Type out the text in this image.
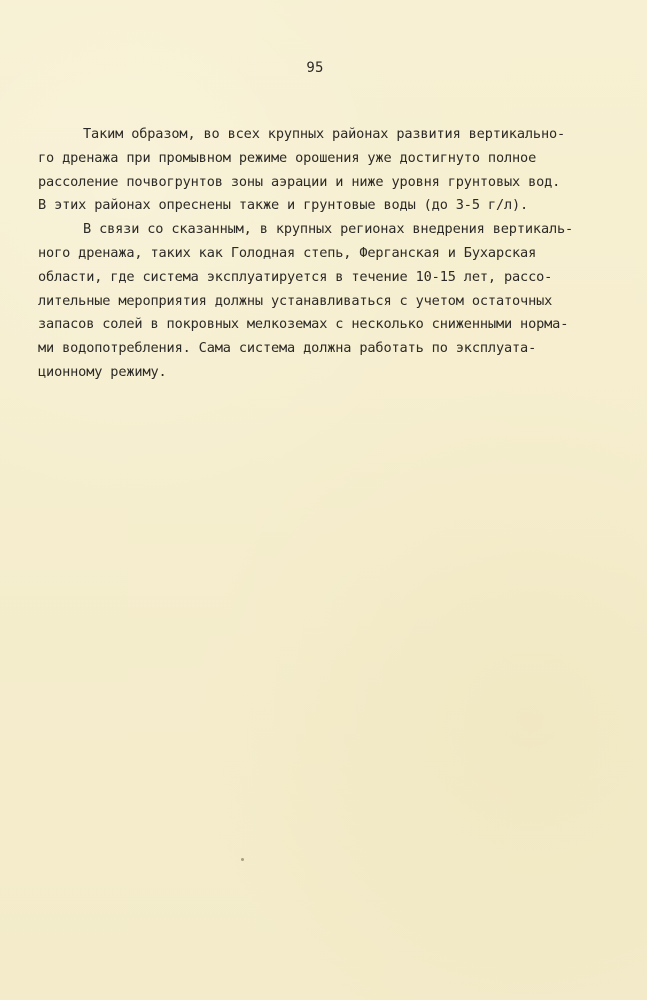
95
Таким образом, во всех крупных районах развития вертикально-
го дренажа при промывном режиме орошения уже достигнуто полное
рассоление почвогрунтов зоны аэрации и ниже уровня грунтовых вод.
В этих районах опреснены также и грунтовые воды (до 3-5 г/л).
В связи со сказанным, в крупных регионах внедрения вертикаль-
ного дренажа, таких как Голодная степь, Ферганская и Бухарская
области, где система эксплуатируется в течение 10-15 лет, рассо-
лительные мероприятия должны устанавливаться с учетом остаточных
запасов солей в покровных мелкоземах с несколько сниженными норма-
ми водопотребления. Сама система должна работать по эксплуата-
ционному режиму.
